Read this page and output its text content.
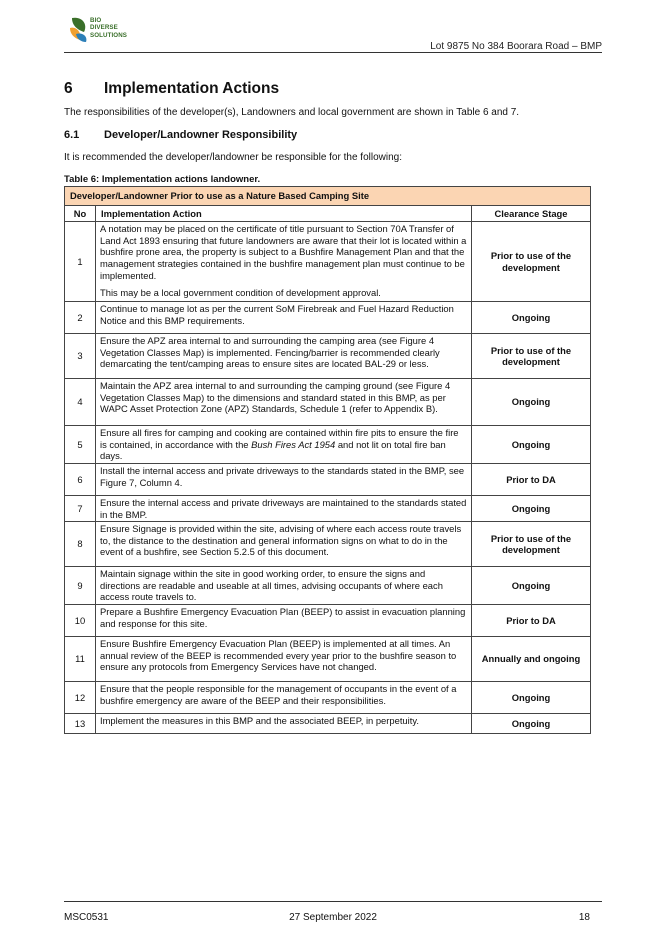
BIO
DIVERSE
SOLUTIONS
Lot 9875 No 384 Boorara Road – BMP
6 Implementation Actions
The responsibilities of the developer(s), Landowners and local government are shown in Table 6 and 7.
6.1 Developer/Landowner Responsibility
It is recommended the developer/landowner be responsible for the following:
Table 6: Implementation actions landowner.
Developer/Landowner Prior to use as a Nature Based Camping Site		
No	Implementation Action	Clearance Stage
1	A notation may be placed on the certificate of title pursuant to Section 70A Transfer of Land Act 1893 ensuring that future landowners are aware that their lot is located within a bushfire prone area, the property is subject to a Bushfire Management Plan and that the management strategies contained in the bushfire management plan must continue to be implemented.

This may be a local government condition of development approval.	Prior to use of the development
2	Continue to manage lot as per the current SoM Firebreak and Fuel Hazard Reduction Notice and this BMP requirements.	Ongoing
3	Ensure the APZ area internal to and surrounding the camping area (see Figure 4 Vegetation Classes Map) is implemented. Fencing/barrier is recommended clearly demarcating the tent/camping areas to ensure sites are located BAL-29 or less.	Prior to use of the development
4	Maintain the APZ area internal to and surrounding the camping ground (see Figure 4 Vegetation Classes Map) to the dimensions and standard stated in this BMP, as per WAPC Asset Protection Zone (APZ) Standards, Schedule 1 (refer to Appendix B).	Ongoing
5	Ensure all fires for camping and cooking are contained within fire pits to ensure the fire is contained, in accordance with the Bush Fires Act 1954 and not lit on total fire ban days.	Ongoing
6	Install the internal access and private driveways to the standards stated in the BMP, see Figure 7, Column 4.	Prior to DA
7	Ensure the internal access and private driveways are maintained to the standards stated in the BMP.	Ongoing
8	Ensure Signage is provided within the site, advising of where each access route travels to, the distance to the destination and general information signs on what to do in the event of a bushfire, see Section 5.2.5 of this document.	Prior to use of the development
9	Maintain signage within the site in good working order, to ensure the signs and directions are readable and useable at all times, advising occupants of where each access route travels to.	Ongoing
10	Prepare a Bushfire Emergency Evacuation Plan (BEEP) to assist in evacuation planning and response for this site.	Prior to DA
11	Ensure Bushfire Emergency Evacuation Plan (BEEP) is implemented at all times. An annual review of the BEEP is recommended every year prior to the bushfire season to ensure any protocols from Emergency Services have not changed.	Annually and ongoing
12	Ensure that the people responsible for the management of occupants in the event of a bushfire emergency are aware of the BEEP and their responsibilities.	Ongoing
13	Implement the measures in this BMP and the associated BEEP, in perpetuity.	Ongoing
MSC0531	27 September 2022	18
